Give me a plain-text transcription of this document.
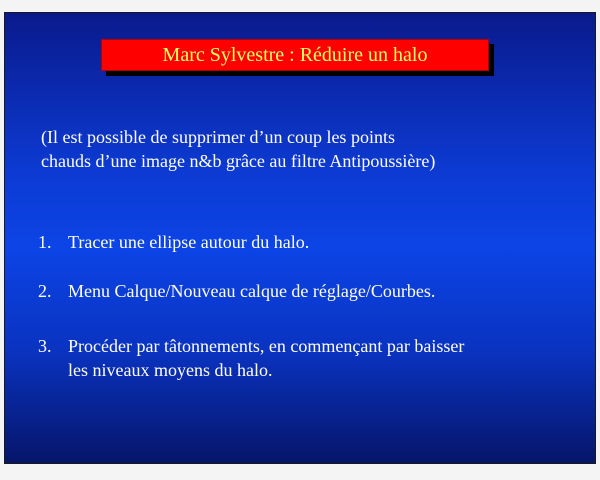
Marc Sylvestre : Réduire un halo
(Il est possible de supprimer d’un coup les points
chauds d’une image n&b grâce au filtre Antipoussière)
1. Tracer une ellipse autour du halo.
2. Menu Calque/Nouveau calque de réglage/Courbes.
3. Procéder par tâtonnements, en commençant par baisser
les niveaux moyens du halo.
